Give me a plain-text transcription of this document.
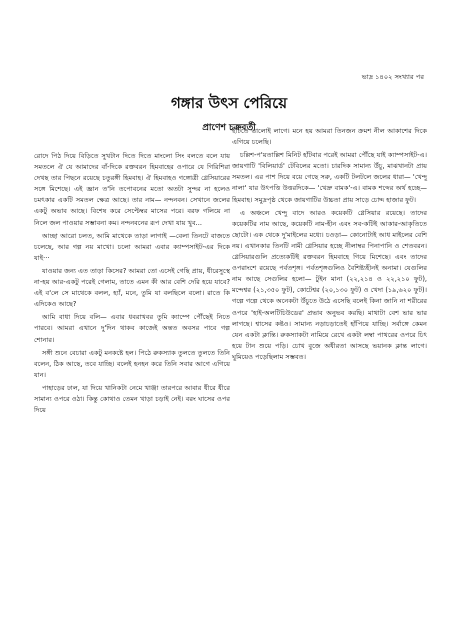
ভাদ্র ১৪০২ সংখ্যার পর
গঙ্গার উৎস পেরিয়ে
প্রাণেশ চক্রবর্তী

রোদে পিঠ দিয়ে বিড়িতে সুখটান দিতে দিতে মাংলো সিং বলতে বলে যায় সমতলে ঐ যে আমাদের বাঁ-দিকে রক্তবরন হিমবাহের ওপারে যে গিরিশিরা দেখছ তার পিছনে রয়েছে চতুরঙ্গী হিমবাহ। ঐ হিমবাহও গঙ্গোত্রী গ্লেসিয়ারের সঙ্গে মিশেছে। এই জ্ঞান ত'নি তপোবনের মতো অতটা সুন্দর না হলেও চমৎকার একটি সমতল ক্ষেত্র আছে। তার নাম— নন্দনবন। সেখানে জলের একটু অভাব আছে। বিশেষ করে সেপ্টেম্বর মাসের পরে। বরফ গলিয়ে না নিলে জল পাওয়ার সম্ভাবনা কম। নন্দনবনের রূপ দেখা যায় খুব...

আচ্ছা আরো চলত, আমি মাথেকে তাড়া লাগাই —বেলা তিনটে বাজতে চলেছে, আর গল্প নয় মাখো। চলো আমরা এবার ক্যাম্পসাইট-এর দিকে যাই···

যাওয়ার জন্য এত তাড়া কিসের? আমরা তো এসেই গেছি প্রায়, ধীরেসুস্থে না-হয় আর-একটু পরেই গেলাম, তাতে এমন কী আর বেশি দেরি হয়ে যাবে? এই ব'লে সে মাথেকে বলল, হ্যাঁ, মনে, তুমি যা বলছিলে বলো। রাতে কি এদিকেও আছে?

আমি বাধা দিয়ে বলি— এবার ধবরাখবর তুমি ক্যাম্পে পৌঁছেই নিতে পারবে। আমরা এখানে দু'দিন থাকব কাজেই অন্তত অবসর পাবে গল্প শোনার।

সঙ্গী শুনে বেচারা একটু মনকষ্টে হল। পিঠে রুকস্যাক তুলতে তুলতে তিনি বলেন, ঠিক আছে, তবে যাচ্ছি। বলেই হনহন করে তিনি সবার আগে এগিয়ে যান।

পাহাড়ের ঢাল, যা দিয়ে খানিকটা নেমে খাঞ্জা তারপরে আবার ধীরে ধীরে সামান্য ওপরে ওঠা। কিন্তু কোথাও তেমন খাড়া চড়াই নেই। বরং ঘাসের ওপর দিয়ে

হাঁটতে ভালোই লাগে। মনে হয় আমরা তিনজন ক্রমশ নীল আকাশের দিকে এগিয়ে চলেছি।

চল্লিশ-প'য়তাল্লিশ মিনিট হাঁটবার পরেই আমরা পৌঁছে যাই ক্যাম্পসাইট-এ। জায়গাটি 'বিলিয়ার্ড' টেবিলের মতো। চারদিক সামান্য উঁচু, মাঝখানটা প্রায় সমতল। এর পাশ দিয়ে বয়ে গেছে সরু, একটি টলটলে জলের ধারা— 'খেন্দু নালা' যার উৎপত্তি উত্তরদিকে— 'খেদ্রু বামক'-এ। বামক শব্দের অর্থ হচ্ছে— হিমবাহ। সমুদ্রপৃষ্ঠ থেকে জায়গাটির উচ্চতা প্রায় সাড়ে চোদ্দ হাজার ফুট।

এ অঞ্চলে খেন্দু বাদে আরও কয়েকটি গ্লেসিয়ার রয়েছে। তাদের কয়েকটির নাম আছে, কয়েকটি নাম-হীন এবং সব-কটিই আকার-আকৃতিতে ছোটো। এক থেকে দু'মাইলের মধ্যে। চওড়া— কোনোটাই আধ মাইলের বেশি নয়। এখানকার তিনটি নামী গ্লেসিয়ার হচ্ছে নীলাম্বর পিনাপানি ও শেতবরন। গ্লেসিয়ারগুলি প্রত্যেকটিই রক্তবরন হিমবাহে গিয়ে মিশেছে। এবং তাদের ওপরাংশে রয়েছে পর্বতশৃঙ্গ। পর্বতশৃঙ্গগুলিও বৈশিষ্ট্যহীনই অনামা। যেগুলির নাম আছে সেগুলির হলো— টুইন মানা (২২,২১৪ ও ২২,২১০ ফুট), মন্দেশ্বর (২১,৩৫০ ফুট), কোটেশ্বর (২০,১৩০ ফুট) ও খেদা (১৯,৬২০ ফুট)। গল্পে গল্পে থেকে অনেকটা উঁচুতে উঠে এসেছি বলেই কিনা জানি না শরীরের ওপরে 'হাই-অলটিচিউডের' প্রভাব অনুভব করছি। মাথাটা বেশ ভার ভার লাগছে। শ্বাসের কষ্টও। সামান্য নড়াচড়াতেই হাঁপিয়ে যাচ্ছি। সর্বাঙ্গে কেমন যেন একটা ক্লান্তি। রুকস্যাকটা নামিয়ে রেখে একটা লম্বা পাথরের ওপরে চিৎ হয়ে টান শুয়ে পড়ি। চোখ বুজে অধীরতা আসছে ভয়ানক ক্লান্ত লাগে। ঘুমিয়েও পড়েছিলাম সম্ভবত।
